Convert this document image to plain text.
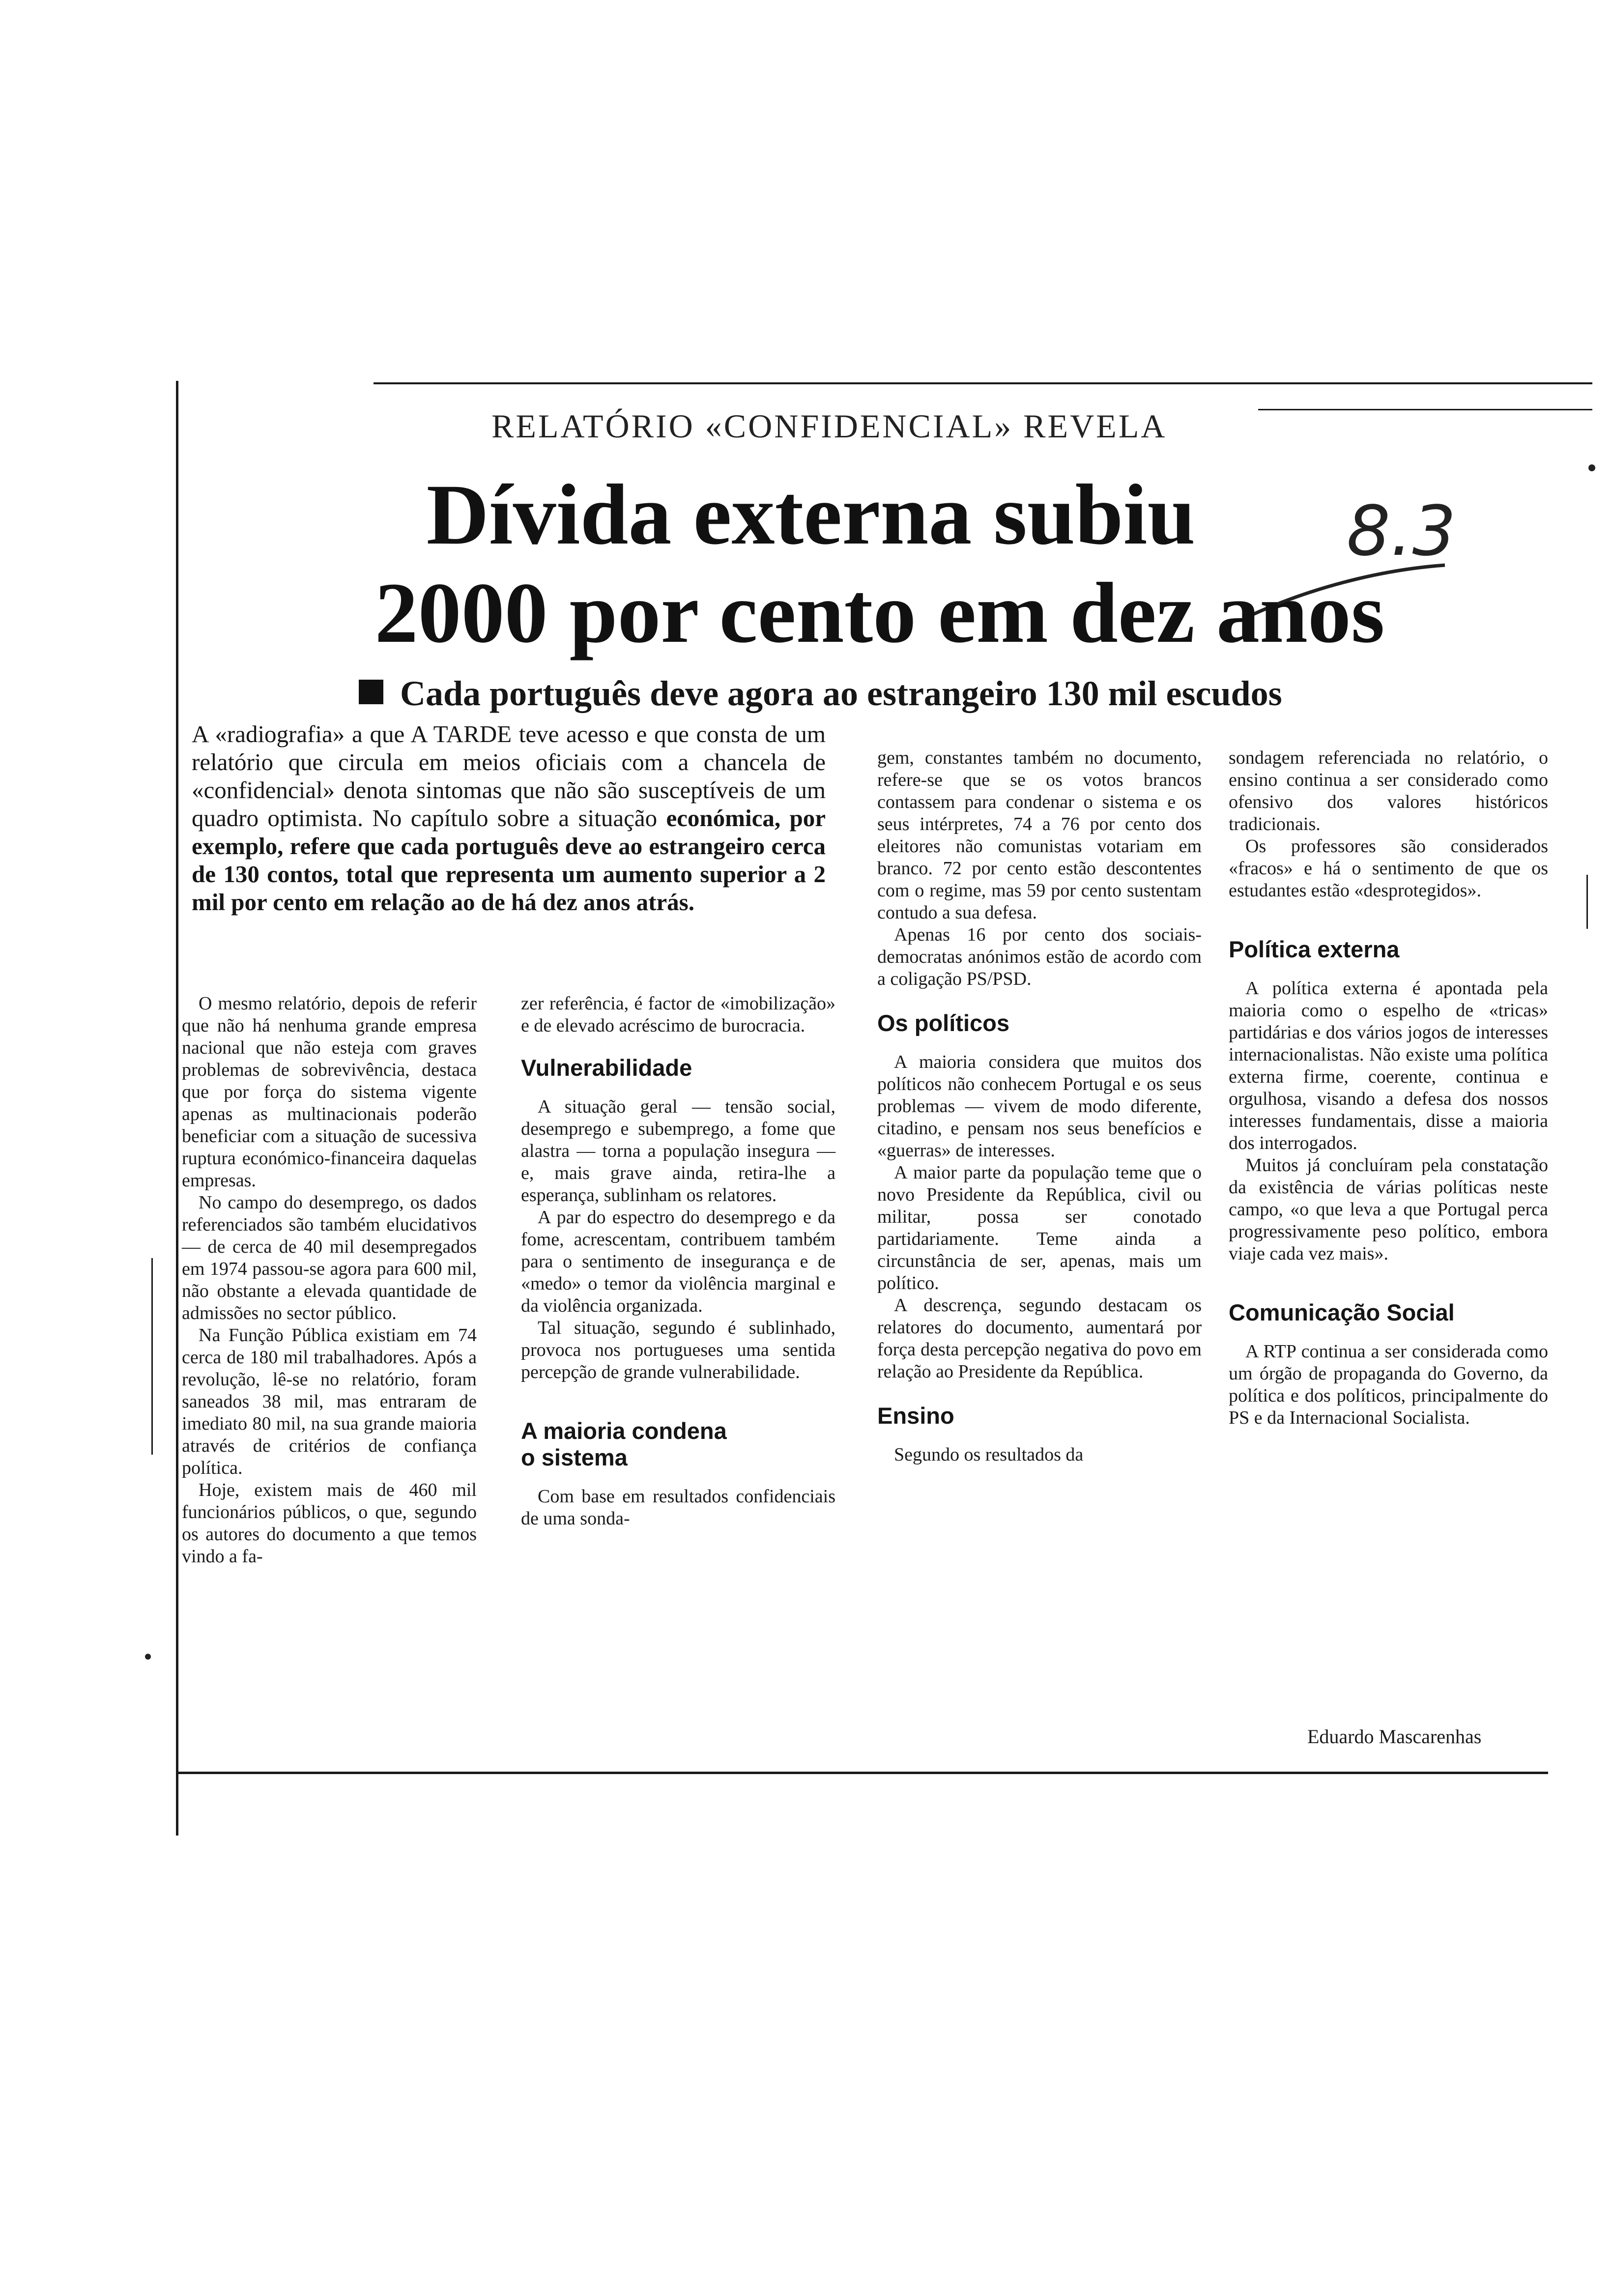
RELATÓRIO «CONFIDENCIAL» REVELA
Dívida externa subiu	8.3
2000 por cento em dez anos
Cada português deve agora ao estrangeiro 130 mil escudos
A «radiografia» a que A TARDE teve acesso e que consta de um relatório que circula em meios oficiais com a chancela de «confidencial» denota sintomas que não são susceptíveis de um quadro optimista. No capítulo sobre a situação económica, por exemplo, refere que cada português deve ao estrangeiro cerca de 130 contos, total que representa um aumento superior a 2 mil por cento em relação ao de há dez anos atrás.

O mesmo relatório, depois de referir que não há nenhuma grande empresa nacional que não esteja com graves problemas de sobrevivência, destaca que por força do sistema vigente apenas as multinacionais poderão beneficiar com a situação de sucessiva ruptura económico-financeira daquelas empresas.

No campo do desemprego, os dados referenciados são também elucidativos — de cerca de 40 mil desempregados em 1974 passou-se agora para 600 mil, não obstante a elevada quantidade de admissões no sector público.

Na Função Pública existiam em 74 cerca de 180 mil trabalhadores. Após a revolução, lê-se no relatório, foram saneados 38 mil, mas entraram de imediato 80 mil, na sua grande maioria através de critérios de confiança política.

Hoje, existem mais de 460 mil funcionários públicos, o que, segundo os autores do documento a que temos vindo a fa-

zer referência, é factor de «imobilização» e de elevado acréscimo de burocracia.

Vulnerabilidade

A situação geral — tensão social, desemprego e subemprego, a fome que alastra — torna a população insegura — e, mais grave ainda, retira-lhe a esperança, sublinham os relatores.

A par do espectro do desemprego e da fome, acrescentam, contribuem também para o sentimento de insegurança e de «medo» o temor da violência marginal e da violência organizada.

Tal situação, segundo é sublinhado, provoca nos portugueses uma sentida percepção de grande vulnerabilidade.

A maioria condena o sistema

Com base em resultados confidenciais de uma sonda-

gem, constantes também no documento, refere-se que se os votos brancos contassem para condenar o sistema e os seus intérpretes, 74 a 76 por cento dos eleitores não comunistas votariam em branco. 72 por cento estão descontentes com o regime, mas 59 por cento sustentam contudo a sua defesa.

Apenas 16 por cento dos sociais-democratas anónimos estão de acordo com a coligação PS/PSD.

Os políticos

A maioria considera que muitos dos políticos não conhecem Portugal e os seus problemas — vivem de modo diferente, citadino, e pensam nos seus benefícios e «guerras» de interesses.

A maior parte da população teme que o novo Presidente da República, civil ou militar, possa ser conotado partidariamente. Teme ainda a circunstância de ser, apenas, mais um político.

A descrença, segundo destacam os relatores do documento, aumentará por força desta percepção negativa do povo em relação ao Presidente da República.

Ensino

Segundo os resultados da

sondagem referenciada no relatório, o ensino continua a ser considerado como ofensivo dos valores históricos tradicionais.

Os professores são considerados «fracos» e há o sentimento de que os estudantes estão «desprotegidos».

Política externa

A política externa é apontada pela maioria como o espelho de «tricas» partidárias e dos vários jogos de interesses internacionalistas. Não existe uma política externa firme, coerente, continua e orgulhosa, visando a defesa dos nossos interesses fundamentais, disse a maioria dos interrogados.

Muitos já concluíram pela constatação da existência de várias políticas neste campo, «o que leva a que Portugal perca progressivamente peso político, embora viaje cada vez mais».

Comunicação Social

A RTP continua a ser considerada como um órgão de propaganda do Governo, da política e dos políticos, principalmente do PS e da Internacional Socialista.

Eduardo Mascarenhas
